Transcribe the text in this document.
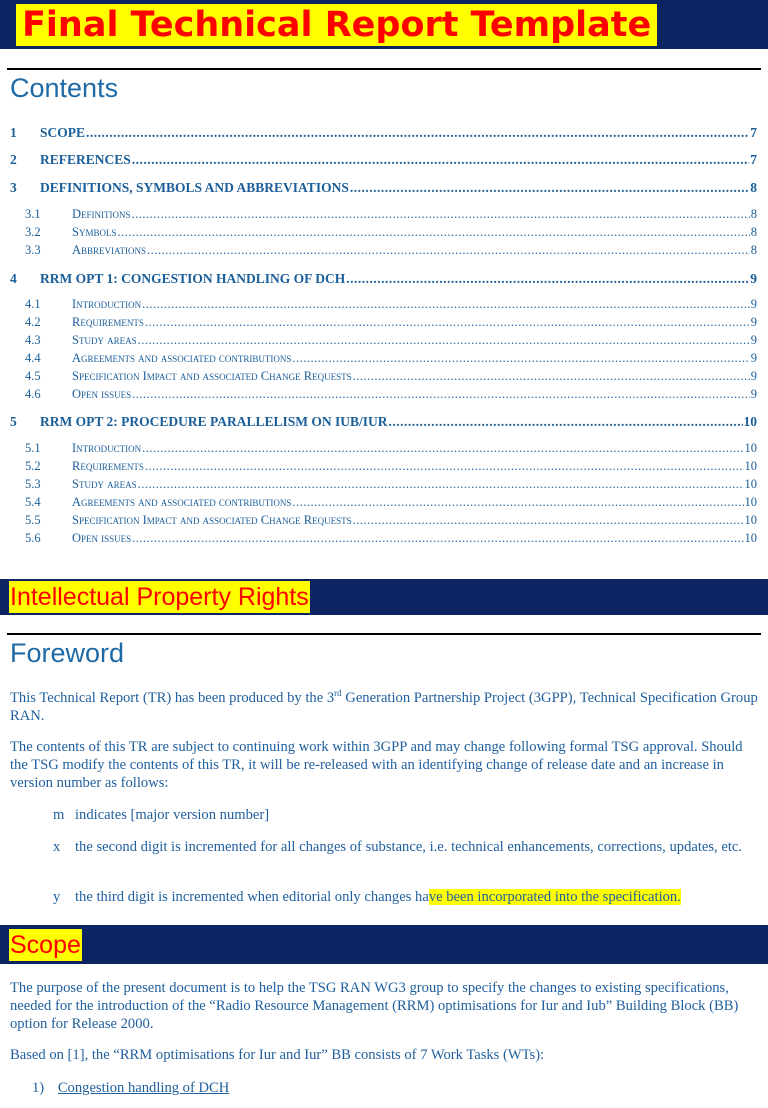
Final Technical Report Template
Contents
1	SCOPE .....	7
2	REFERENCES .....	7
3	DEFINITIONS, SYMBOLS AND ABBREVIATIONS .....	8
3.1	Definitions .....	8
3.2	Symbols .....	8
3.3	Abbreviations .....	8
4	RRM OPT 1: CONGESTION HANDLING OF DCH .....	9
4.1	Introduction .....	9
4.2	Requirements .....	9
4.3	Study areas .....	9
4.4	Agreements and associated contributions .....	9
4.5	Specification Impact and associated Change Requests .....	9
4.6	Open issues .....	9
5	RRM OPT 2: PROCEDURE PARALLELISM ON IUB/IUR .....	10
5.1	Introduction .....	10
5.2	Requirements .....	10
5.3	Study areas .....	10
5.4	Agreements and associated contributions .....	10
5.5	Specification Impact and associated Change Requests .....	10
5.6	Open issues .....	10
Intellectual Property Rights
Foreword
This Technical Report (TR) has been produced by the 3rd Generation Partnership Project (3GPP), Technical Specification Group RAN.
The contents of this TR are subject to continuing work within 3GPP and may change following formal TSG approval. Should the TSG modify the contents of this TR, it will be re-released with an identifying change of release date and an increase in version number as follows:
m indicates [major version number]
x	the second digit is incremented for all changes of substance, i.e. technical enhancements, corrections, updates, etc.
y	the third digit is incremented when editorial only changes have been incorporated into the specification.
Scope
The purpose of the present document is to help the TSG RAN WG3 group to specify the changes to existing specifications, needed for the introduction of the “Radio Resource Management (RRM) optimisations for Iur and Iub” Building Block (BB) option for Release 2000.
Based on [1], the “RRM optimisations for Iur and Iur” BB consists of 7 Work Tasks (WTs):
1) Congestion handling of DCH
